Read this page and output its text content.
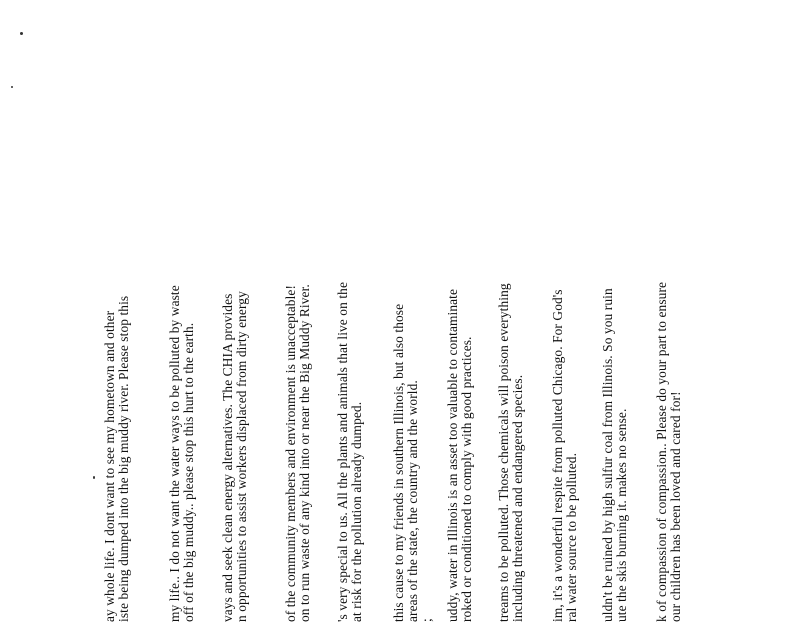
ay whole life. I dont want to see my hometown and other iste being dumped into the big muddy river. Please stop this	my life.. I do not want the water ways to be polluted by waste off of the big muddy.. please stop this hurt to the earth. vays and seek clean energy alternatives. The CHIA provides n opportunities to assist workers displaced from dirty energy	of the community members and environment is unacceptable! on to run waste of any kind into or near the Big Muddy River. 's very special to us. All the plants and animals that live on the at risk for the pollution already dumped. this cause to my friends in southern Illinois, but also those areas of the state, the country and the world. ; uddy, water in Illinois is an asset too valuable to contaminate roked or conditioned to comply with good practices. treams to be polluted. Those chemicals will poison everything including threatened and endangered species. im, it's a wonderful respite from polluted Chicago. For God's ral water source to be polluted. uldn't be ruined by high sulfur coal from Illinois. So you ruin ute the skis burning it. makes no sense. k of compassion of compassion.. Please do your part to ensure our children has been loved and cared for!
